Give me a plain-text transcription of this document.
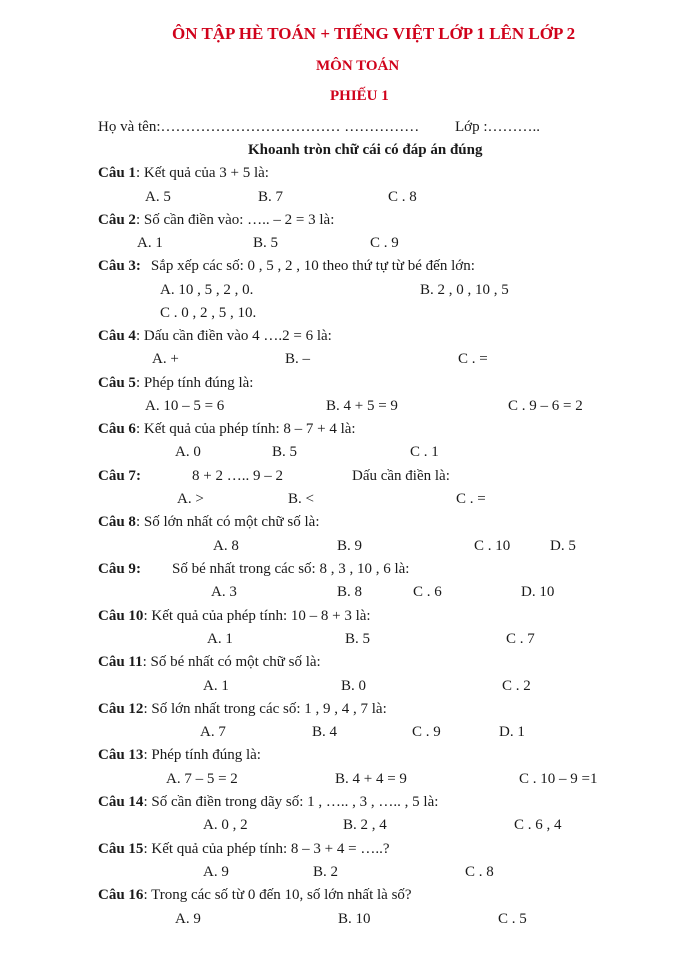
ÔN TẬP HÈ TOÁN + TIẾNG VIỆT LỚP 1 LÊN LỚP 2
MÔN TOÁN
PHIẾU 1
Họ và tên:……………………………… …………… Lớp :………..
Khoanh tròn chữ cái có đáp án đúng
Câu 1: Kết quả của 3 + 5 là:
A. 5	B. 7	C . 8
Câu 2: Số cần điền vào: ….. – 2 = 3 là:
A. 1	B. 5	C . 9
Câu 3: Sắp xếp các số: 0 , 5 , 2 , 10 theo thứ tự từ bé đến lớn:
A. 10 , 5 , 2 , 0.	B. 2 , 0 , 10 , 5
C . 0 , 2 , 5 , 10.
Câu 4: Dấu cần điền vào 4 ….2 = 6 là:
A. +	B. –	C . =
Câu 5: Phép tính đúng là:
A. 10 – 5 = 6	B. 4 + 5 = 9	C . 9 – 6 = 2
Câu 6: Kết quả của phép tính: 8 – 7 + 4 là:
A. 0	B. 5	C . 1
Câu 7:	8 + 2 ….. 9 – 2	Dấu cần điền là:
A. >	B. <	C . =
Câu 8: Số lớn nhất có một chữ số là:
A. 8	B. 9	C . 10	D. 5
Câu 9: Số bé nhất trong các số: 8 , 3 , 10 , 6 là:
A. 3	B. 8	C . 6	D. 10
Câu 10: Kết quả của phép tính: 10 – 8 + 3 là:
A. 1	B. 5	C . 7
Câu 11: Số bé nhất có một chữ số là:
A. 1	B. 0	C . 2
Câu 12: Số lớn nhất trong các số: 1 , 9 , 4 , 7 là:
A. 7	B. 4	C . 9	D. 1
Câu 13: Phép tính đúng là:
A. 7 – 5 = 2	B. 4 + 4 = 9	C . 10 – 9 =1
Câu 14: Số cần điền trong dãy số: 1 , ….. , 3 , ….. , 5 là:
A. 0 , 2	B. 2 , 4	C . 6 , 4
Câu 15: Kết quả của phép tính: 8 – 3 + 4 = …..?
A. 9	B. 2	C . 8
Câu 16: Trong các số từ 0 đến 10, số lớn nhất là số?
A. 9	B. 10	C . 5
